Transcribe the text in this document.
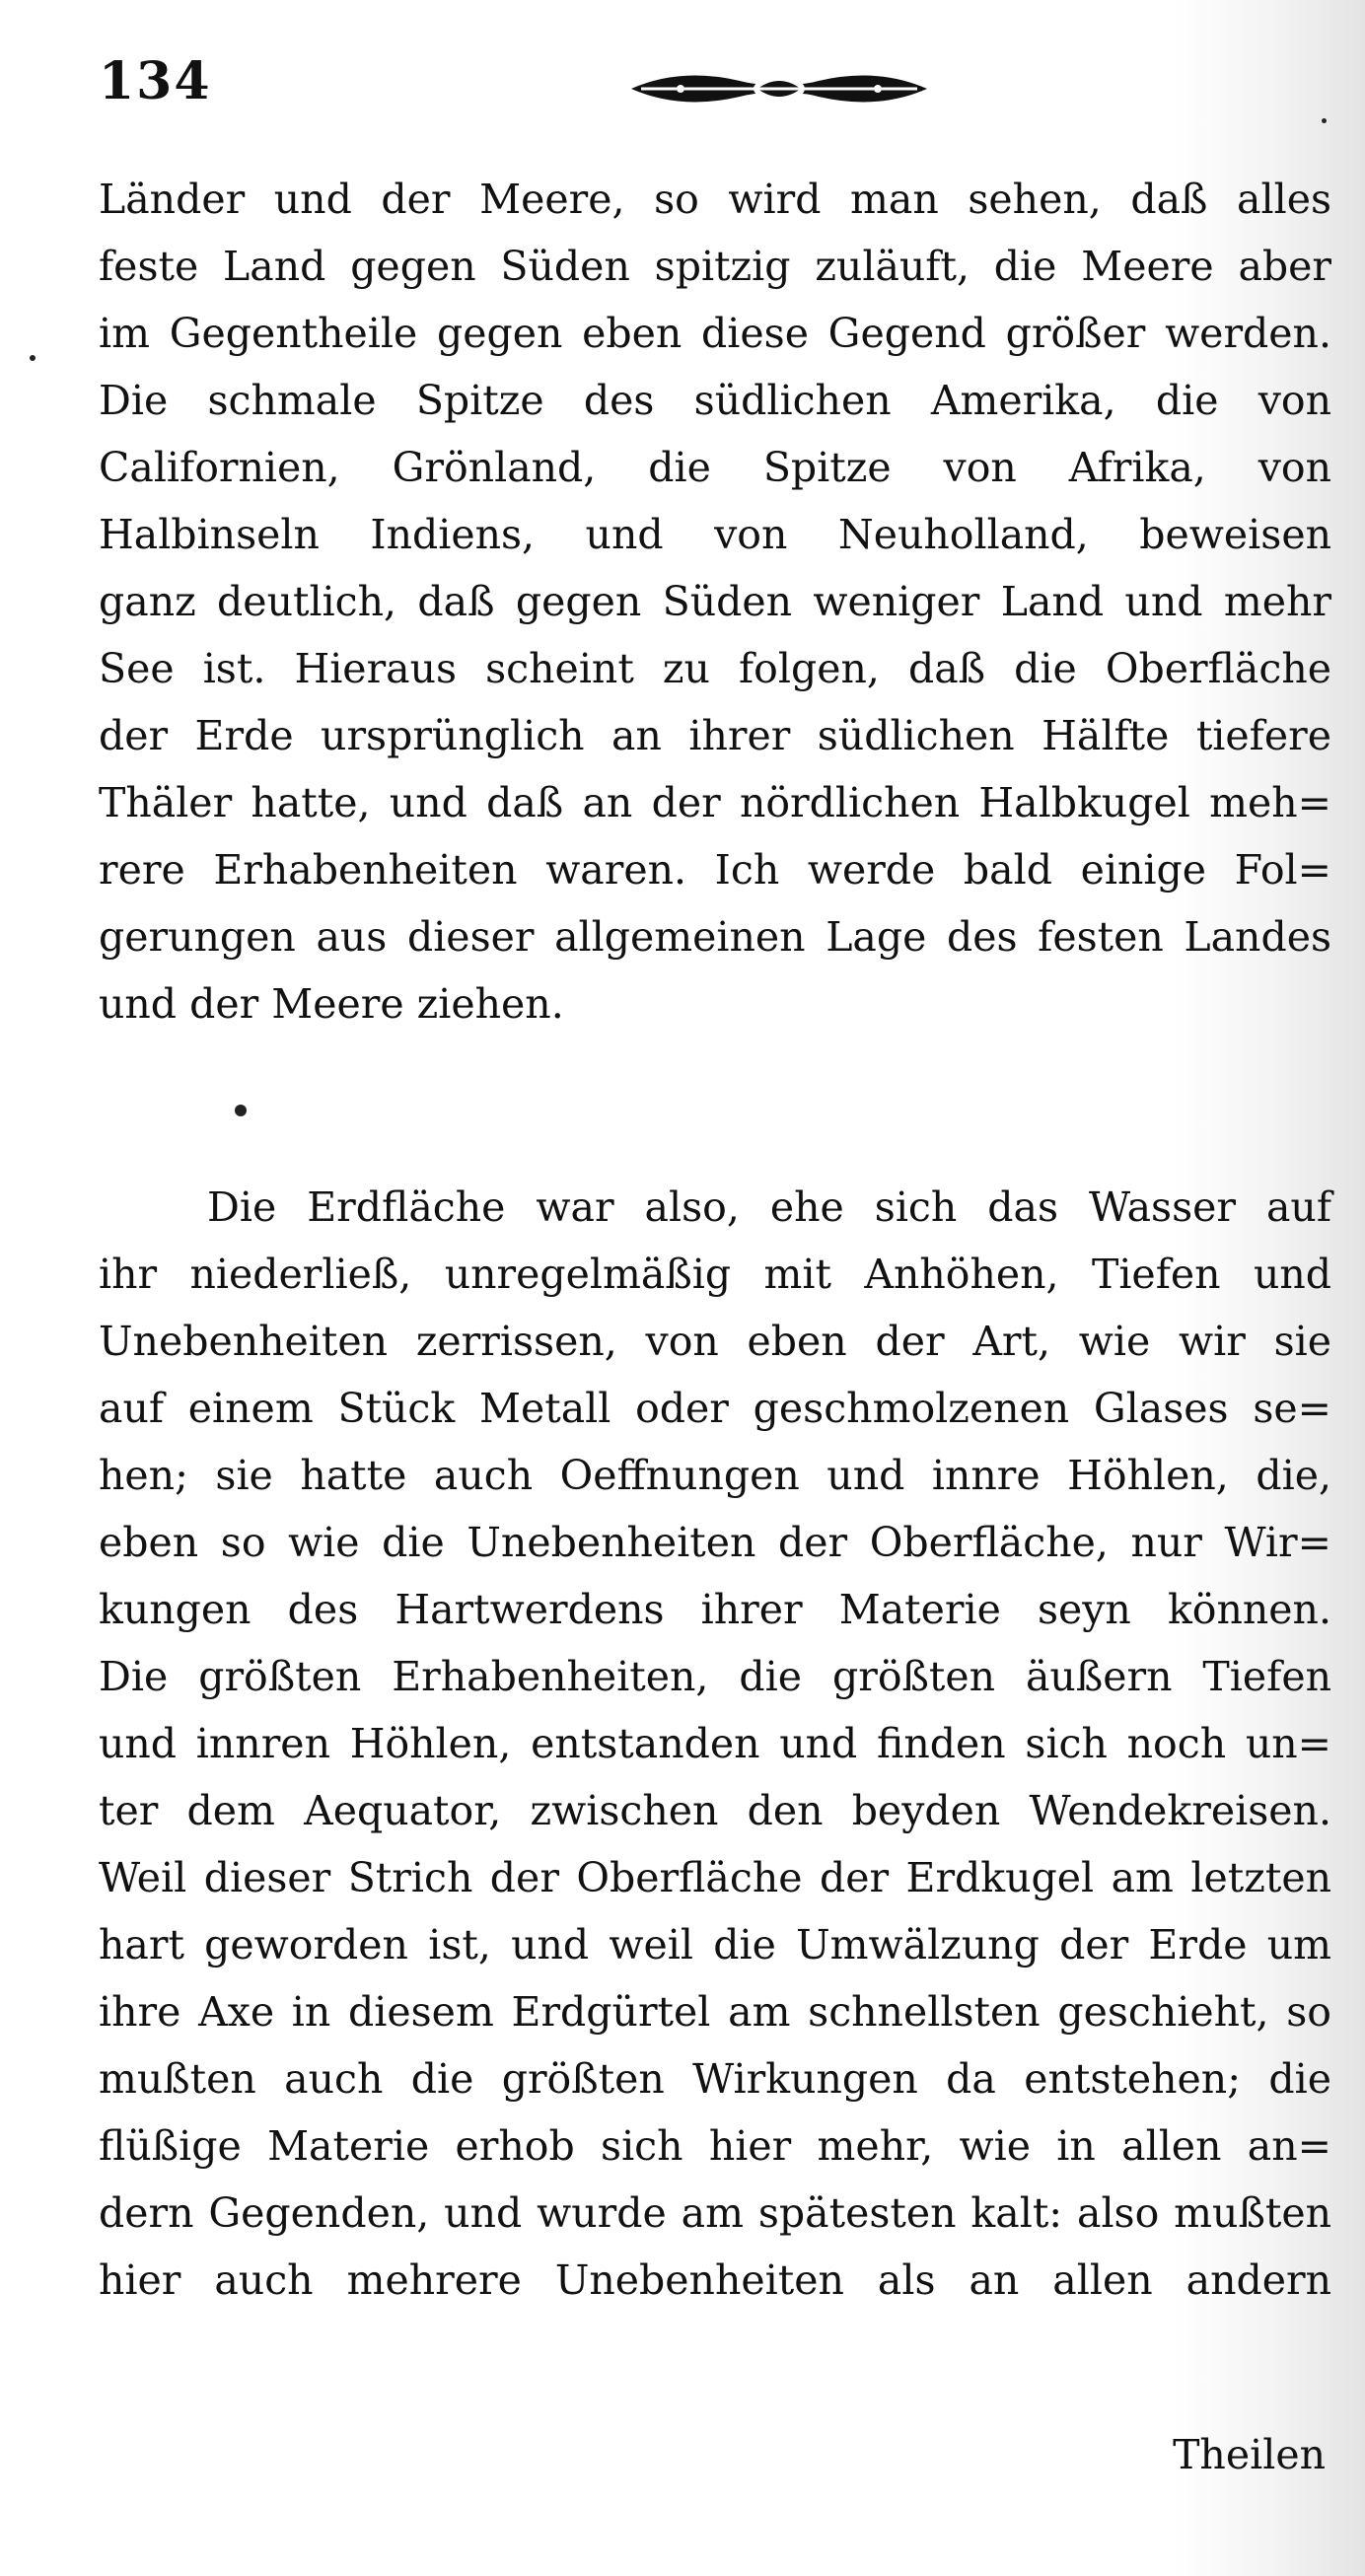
134
Länder und der Meere, so wird man sehen, daß alles
feste Land gegen Süden spitzig zuläuft, die Meere aber
im Gegentheile gegen eben diese Gegend größer werden.
Die schmale Spitze des südlichen Amerika, die von
Californien, Grönland, die Spitze von Afrika, von
Halbinseln Indiens, und von Neuholland, beweisen
ganz deutlich, daß gegen Süden weniger Land und mehr
See ist. Hieraus scheint zu folgen, daß die Oberfläche
der Erde ursprünglich an ihrer südlichen Hälfte tiefere
Thäler hatte, und daß an der nördlichen Halbkugel meh=
rere Erhabenheiten waren. Ich werde bald einige Fol=
gerungen aus dieser allgemeinen Lage des festen Landes
und der Meere ziehen.
Die Erdfläche war also, ehe sich das Wasser auf
ihr niederließ, unregelmäßig mit Anhöhen, Tiefen und
Unebenheiten zerrissen, von eben der Art, wie wir sie
auf einem Stück Metall oder geschmolzenen Glases se=
hen; sie hatte auch Oeffnungen und innre Höhlen, die,
eben so wie die Unebenheiten der Oberfläche, nur Wir=
kungen des Hartwerdens ihrer Materie seyn können.
Die größten Erhabenheiten, die größten äußern Tiefen
und innren Höhlen, entstanden und finden sich noch un=
ter dem Aequator, zwischen den beyden Wendekreisen.
Weil dieser Strich der Oberfläche der Erdkugel am letzten
hart geworden ist, und weil die Umwälzung der Erde um
ihre Axe in diesem Erdgürtel am schnellsten geschieht, so
mußten auch die größten Wirkungen da entstehen; die
flüßige Materie erhob sich hier mehr, wie in allen an=
dern Gegenden, und wurde am spätesten kalt: also mußten
hier auch mehrere Unebenheiten als an allen andern
Theilen
